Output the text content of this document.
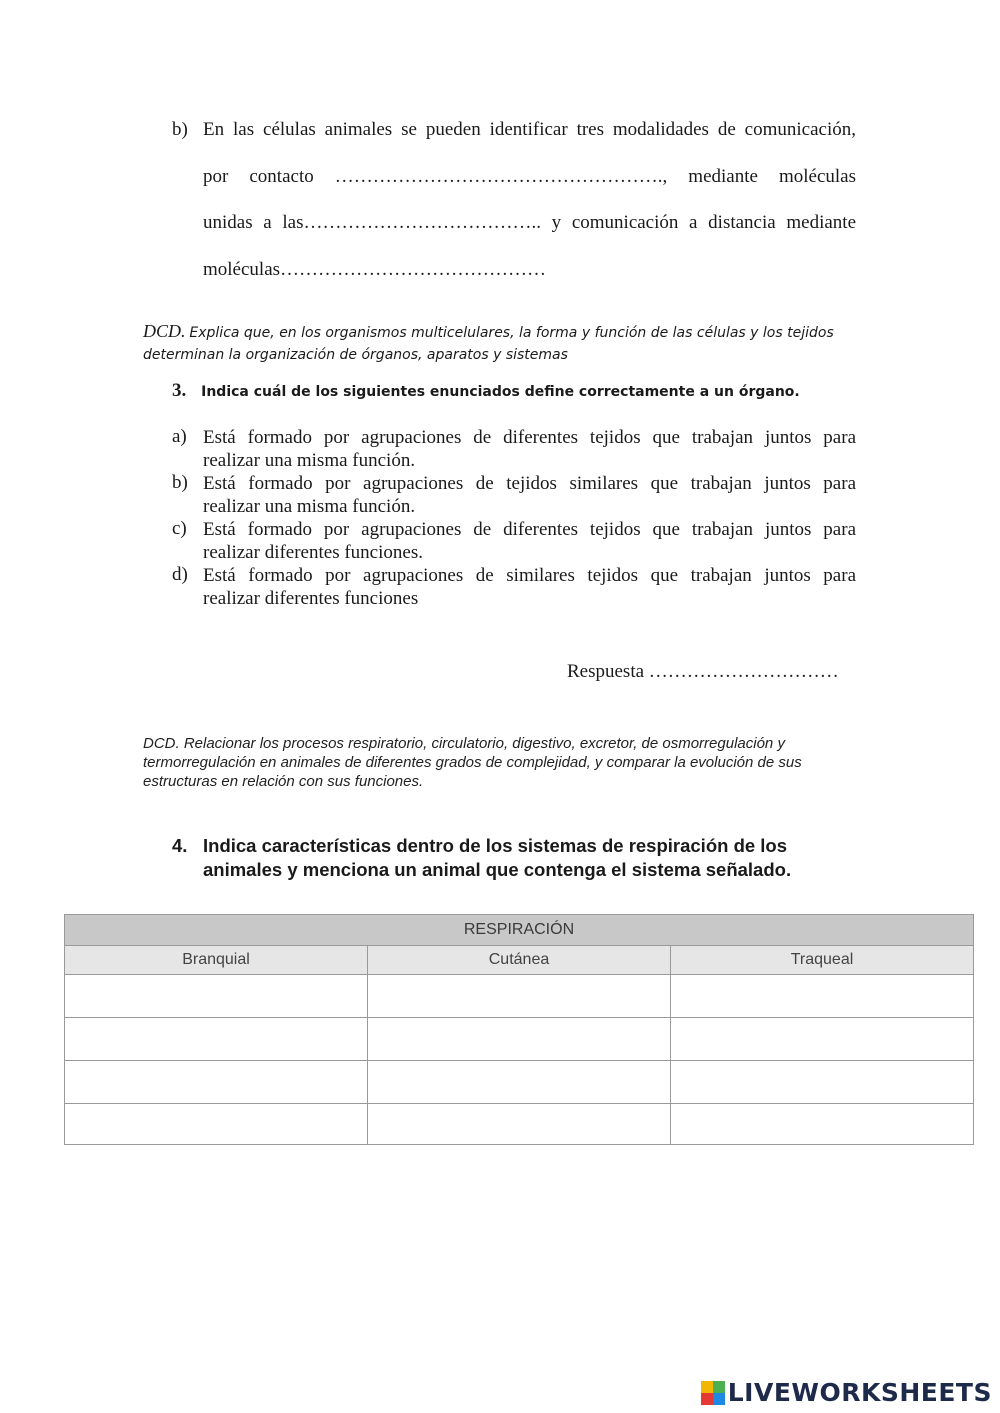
b) En las células animales se pueden identificar tres modalidades de comunicación,
por contacto ……………………………………………., mediante moléculas
unidas a las……………………………….. y comunicación a distancia mediante
moléculas……………………………………
DCD. Explica que, en los organismos multicelulares, la forma y función de las células y los tejidos determinan la organización de órganos, aparatos y sistemas
3. Indica cuál de los siguientes enunciados define correctamente a un órgano.
a) Está formado por agrupaciones de diferentes tejidos que trabajan juntos para
realizar una misma función.
b) Está formado por agrupaciones de tejidos similares que trabajan juntos para
realizar una misma función.
c) Está formado por agrupaciones de diferentes tejidos que trabajan juntos para
realizar diferentes funciones.
d) Está formado por agrupaciones de similares tejidos que trabajan juntos para
realizar diferentes funciones
Respuesta …………………………
DCD. Relacionar los procesos respiratorio, circulatorio, digestivo, excretor, de osmorregulación y termorregulación en animales de diferentes grados de complejidad, y comparar la evolución de sus estructuras en relación con sus funciones.
4. Indica características dentro de los sistemas de respiración de los animales y menciona un animal que contenga el sistema señalado.
RESPIRACIÓN		
Branquial	Cutánea	Traqueal

LIVEWORKSHEETS
